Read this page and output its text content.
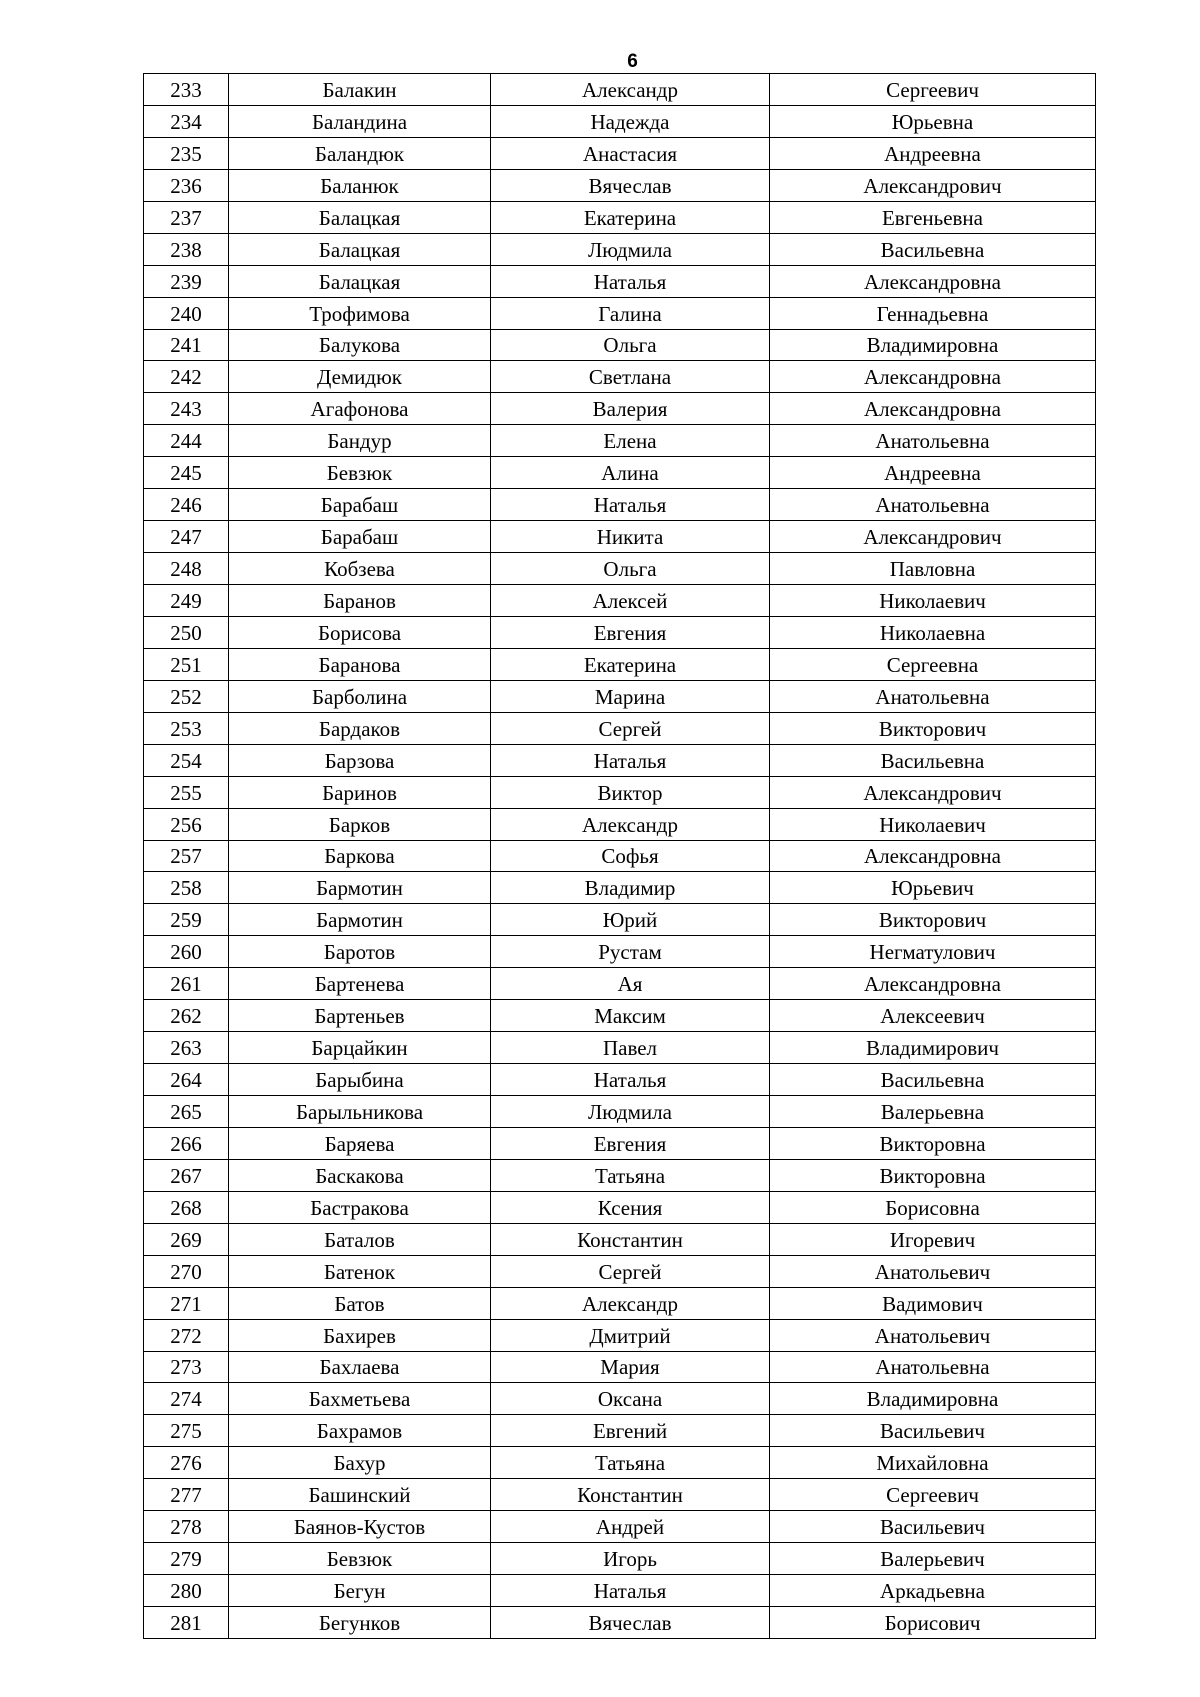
6
233	Балакин	Александр	Сергеевич
234	Баландина	Надежда	Юрьевна
235	Баландюк	Анастасия	Андреевна
236	Баланюк	Вячеслав	Александрович
237	Балацкая	Екатерина	Евгеньевна
238	Балацкая	Людмила	Васильевна
239	Балацкая	Наталья	Александровна
240	Трофимова	Галина	Геннадьевна
241	Балукова	Ольга	Владимировна
242	Демидюк	Светлана	Александровна
243	Агафонова	Валерия	Александровна
244	Бандур	Елена	Анатольевна
245	Бевзюк	Алина	Андреевна
246	Барабаш	Наталья	Анатольевна
247	Барабаш	Никита	Александрович
248	Кобзева	Ольга	Павловна
249	Баранов	Алексей	Николаевич
250	Борисова	Евгения	Николаевна
251	Баранова	Екатерина	Сергеевна
252	Барболина	Марина	Анатольевна
253	Бардаков	Сергей	Викторович
254	Барзова	Наталья	Васильевна
255	Баринов	Виктор	Александрович
256	Барков	Александр	Николаевич
257	Баркова	Софья	Александровна
258	Бармотин	Владимир	Юрьевич
259	Бармотин	Юрий	Викторович
260	Баротов	Рустам	Негматулович
261	Бартенева	Ая	Александровна
262	Бартеньев	Максим	Алексеевич
263	Барцайкин	Павел	Владимирович
264	Барыбина	Наталья	Васильевна
265	Барыльникова	Людмила	Валерьевна
266	Баряева	Евгения	Викторовна
267	Баскакова	Татьяна	Викторовна
268	Бастракова	Ксения	Борисовна
269	Баталов	Константин	Игоревич
270	Батенок	Сергей	Анатольевич
271	Батов	Александр	Вадимович
272	Бахирев	Дмитрий	Анатольевич
273	Бахлаева	Мария	Анатольевна
274	Бахметьева	Оксана	Владимировна
275	Бахрамов	Евгений	Васильевич
276	Бахур	Татьяна	Михайловна
277	Башинский	Константин	Сергеевич
278	Баянов-Кустов	Андрей	Васильевич
279	Бевзюк	Игорь	Валерьевич
280	Бегун	Наталья	Аркадьевна
281	Бегунков	Вячеслав	Борисович
